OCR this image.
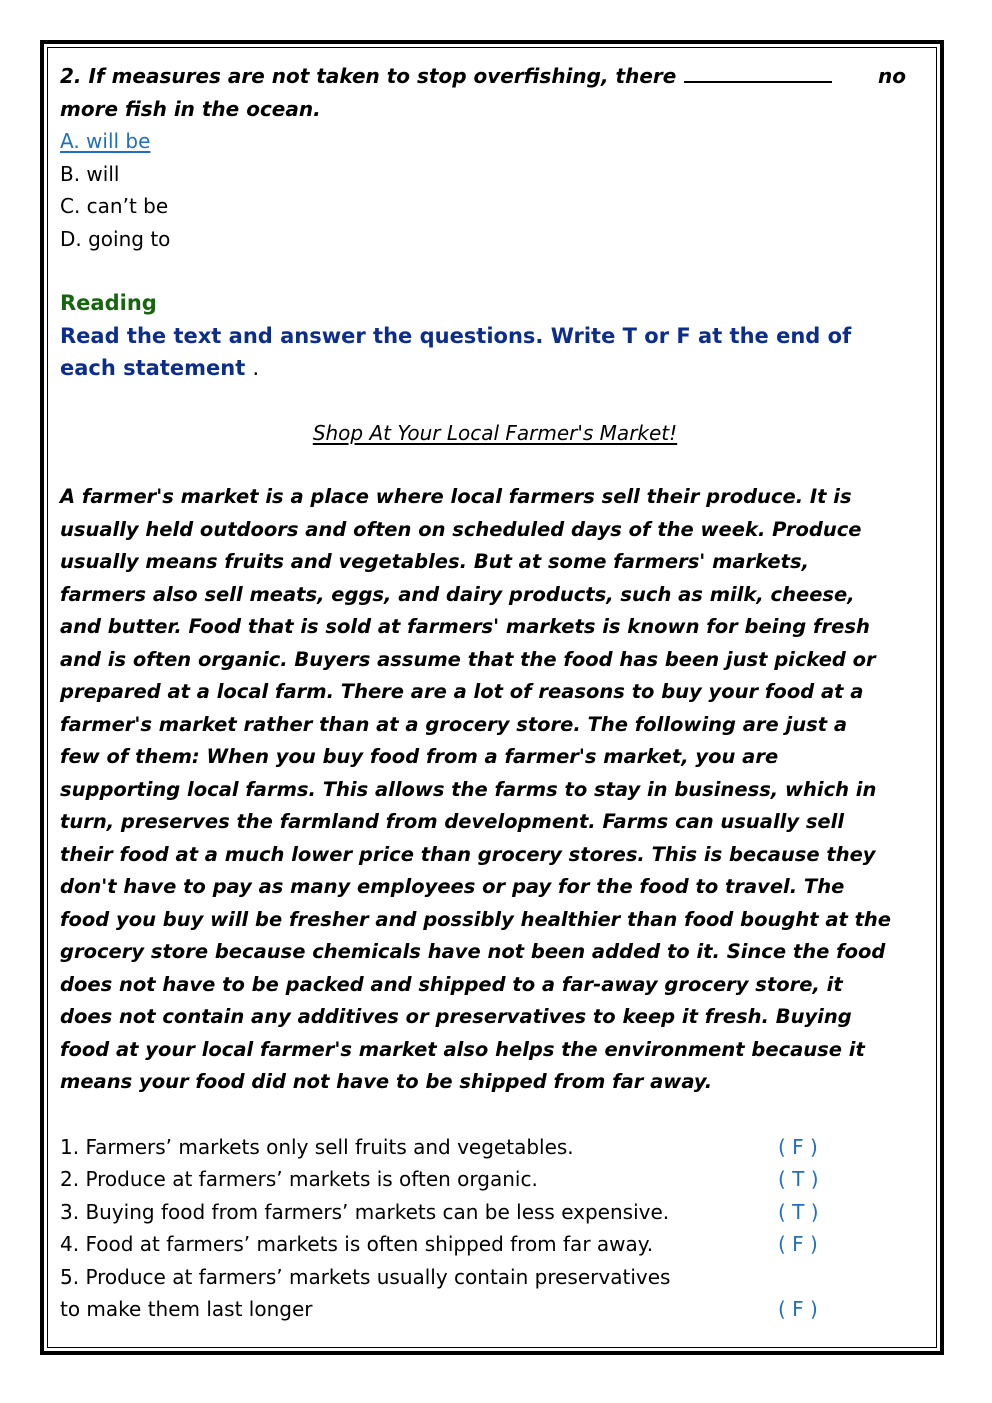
2. If measures are not taken to stop overfishing, there	no
more fish in the ocean.
A. will be
B. will
C. can’t be
D. going to

Reading

Read the text and answer the questions. Write T or F at the end of
each statement .

Shop At Your Local Farmer's Market!

A farmer's market is a place where local farmers sell their produce. It is
usually held outdoors and often on scheduled days of the week. Produce
usually means fruits and vegetables. But at some farmers' markets,
farmers also sell meats, eggs, and dairy products, such as milk, cheese,
and butter. Food that is sold at farmers' markets is known for being fresh
and is often organic. Buyers assume that the food has been just picked or
prepared at a local farm. There are a lot of reasons to buy your food at a
farmer's market rather than at a grocery store. The following are just a
few of them: When you buy food from a farmer's market, you are
supporting local farms. This allows the farms to stay in business, which in
turn, preserves the farmland from development. Farms can usually sell
their food at a much lower price than grocery stores. This is because they
don't have to pay as many employees or pay for the food to travel. The
food you buy will be fresher and possibly healthier than food bought at the
grocery store because chemicals have not been added to it. Since the food
does not have to be packed and shipped to a far-away grocery store, it
does not contain any additives or preservatives to keep it fresh. Buying
food at your local farmer's market also helps the environment because it
means your food did not have to be shipped from far away.
1. Farmers’ markets only sell fruits and vegetables.	( F )
2. Produce at farmers’ markets is often organic.	( T )
3. Buying food from farmers’ markets can be less expensive.	( T )
4. Food at farmers’ markets is often shipped from far away.	( F )
5. Produce at farmers’ markets usually contain preservatives
to make them last longer	( F )
